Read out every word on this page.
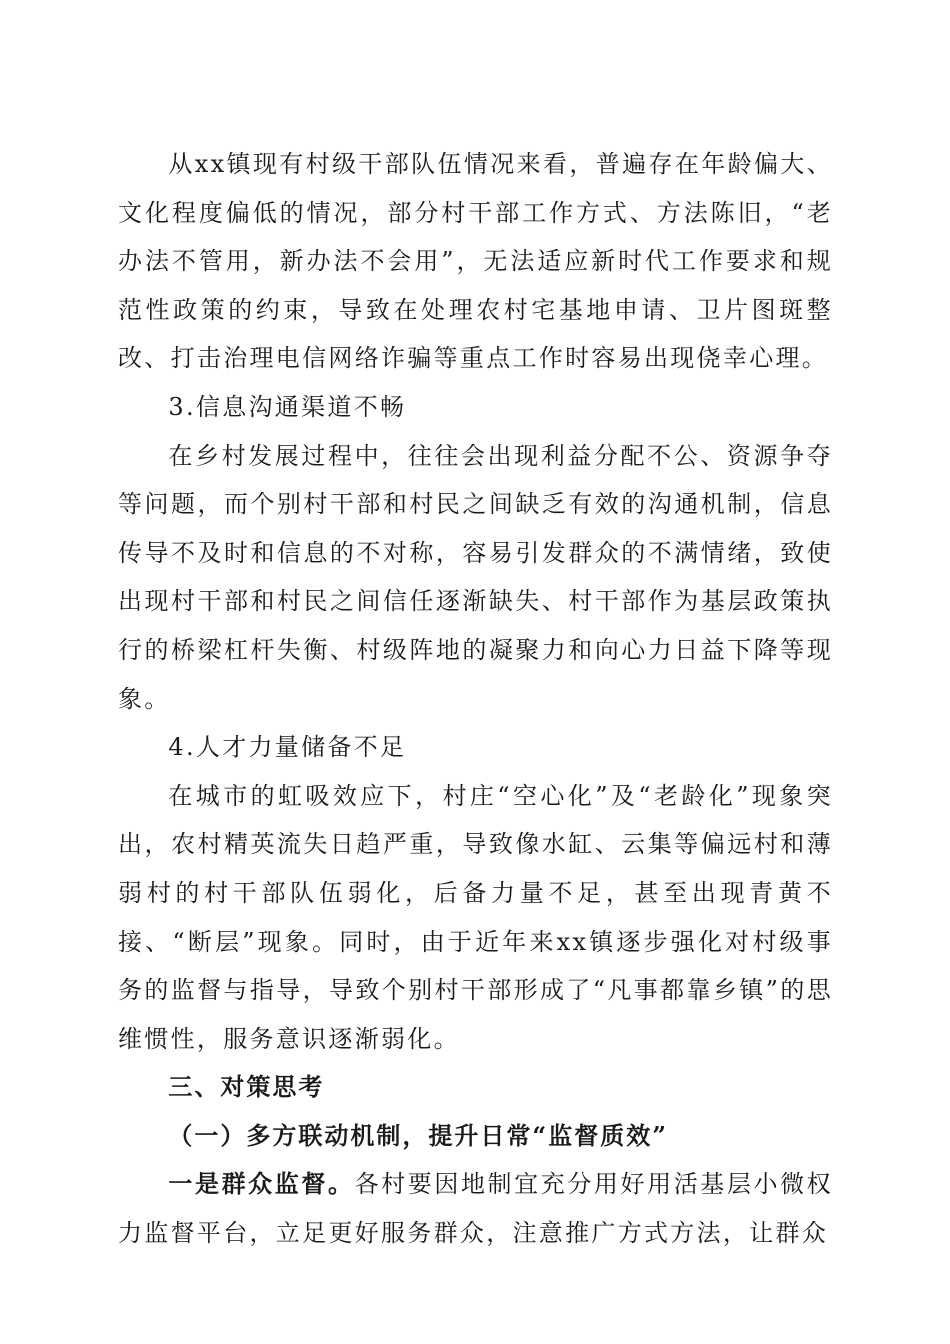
从xx镇现有村级干部队伍情况来看，普遍存在年龄偏大、文化程度偏低的情况，部分村干部工作方式、方法陈旧，“老办法不管用，新办法不会用”，无法适应新时代工作要求和规范性政策的约束，导致在处理农村宅基地申请、卫片图斑整改、打击治理电信网络诈骗等重点工作时容易出现侥幸心理。

3.信息沟通渠道不畅

在乡村发展过程中，往往会出现利益分配不公、资源争夺等问题，而个别村干部和村民之间缺乏有效的沟通机制，信息传导不及时和信息的不对称，容易引发群众的不满情绪，致使出现村干部和村民之间信任逐渐缺失、村干部作为基层政策执行的桥梁杠杆失衡、村级阵地的凝聚力和向心力日益下降等现象。

4.人才力量储备不足

在城市的虹吸效应下，村庄“空心化”及“老龄化”现象突出，农村精英流失日趋严重，导致像水缸、云集等偏远村和薄弱村的村干部队伍弱化，后备力量不足，甚至出现青黄不接、“断层”现象。同时，由于近年来xx镇逐步强化对村级事务的监督与指导，导致个别村干部形成了“凡事都靠乡镇”的思维惯性，服务意识逐渐弱化。

三、对策思考

（一）多方联动机制，提升日常“监督质效”

一是群众监督。各村要因地制宜充分用好用活基层小微权力监督平台，立足更好服务群众，注意推广方式方法，让群众
